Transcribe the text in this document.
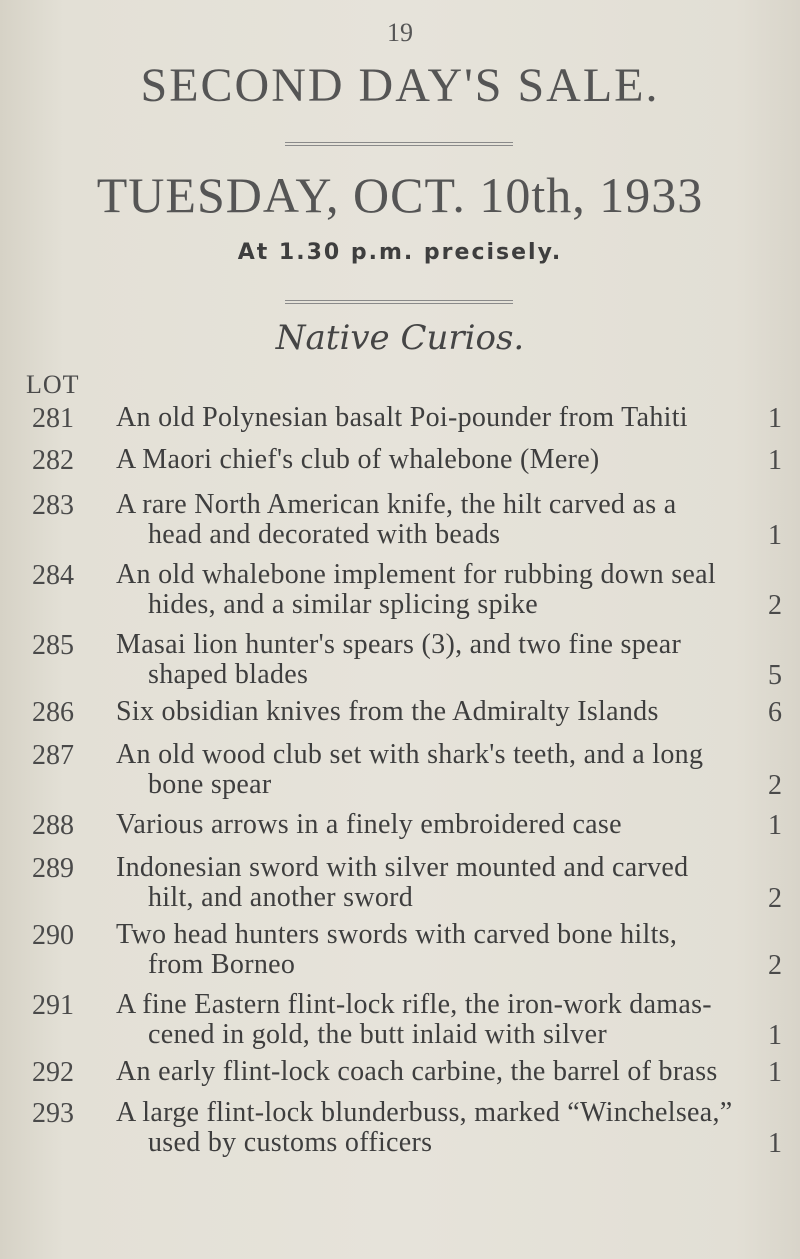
19
SECOND DAY'S SALE.
TUESDAY, OCT. 10th, 1933
At 1.30 p.m. precisely.
Native Curios.
LOT
281 An old Polynesian basalt Poi-pounder from Tahiti	1
282 A Maori chief's club of whalebone (Mere)	1
283 A rare North American knife, the hilt carved as a
head and decorated with beads	1
284 An old whalebone implement for rubbing down seal
hides, and a similar splicing spike	2
285 Masai lion hunter's spears (3), and two fine spear
shaped blades	5
286 Six obsidian knives from the Admiralty Islands	6
287 An old wood club set with shark's teeth, and a long
bone spear	2
288 Various arrows in a finely embroidered case	1
289 Indonesian sword with silver mounted and carved
hilt, and another sword	2
290 Two head hunters swords with carved bone hilts,
from Borneo	2
291 A fine Eastern flint-lock rifle, the iron-work damas-
cened in gold, the butt inlaid with silver	1
292 An early flint-lock coach carbine, the barrel of brass	1
293 A large flint-lock blunderbuss, marked “Winchelsea,”
used by customs officers	1
